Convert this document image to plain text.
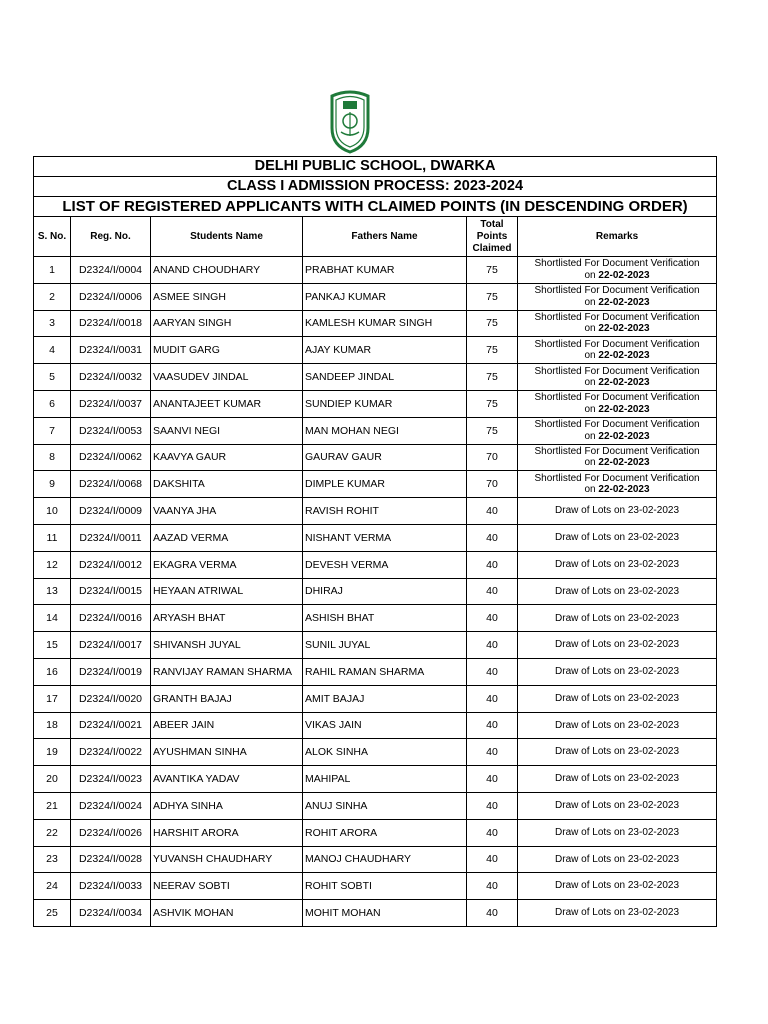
DELHI PUBLIC SCHOOL, DWARKA					
CLASS I ADMISSION PROCESS: 2023-2024					
LIST OF REGISTERED APPLICANTS WITH CLAIMED POINTS (IN DESCENDING ORDER)					
S. No.	Reg. No.	Students Name	Fathers Name	Total
Points
Claimed	Remarks
1	D2324/I/0004	ANAND CHOUDHARY	PRABHAT KUMAR	75	Shortlisted For Document Verification
on 22-02-2023
2	D2324/I/0006	ASMEE SINGH	PANKAJ KUMAR	75	Shortlisted For Document Verification
on 22-02-2023
3	D2324/I/0018	AARYAN SINGH	KAMLESH KUMAR SINGH	75	Shortlisted For Document Verification
on 22-02-2023
4	D2324/I/0031	MUDIT GARG	AJAY KUMAR	75	Shortlisted For Document Verification
on 22-02-2023
5	D2324/I/0032	VAASUDEV JINDAL	SANDEEP JINDAL	75	Shortlisted For Document Verification
on 22-02-2023
6	D2324/I/0037	ANANTAJEET KUMAR	SUNDIEP KUMAR	75	Shortlisted For Document Verification
on 22-02-2023
7	D2324/I/0053	SAANVI NEGI	MAN MOHAN NEGI	75	Shortlisted For Document Verification
on 22-02-2023
8	D2324/I/0062	KAAVYA GAUR	GAURAV GAUR	70	Shortlisted For Document Verification
on 22-02-2023
9	D2324/I/0068	DAKSHITA	DIMPLE KUMAR	70	Shortlisted For Document Verification
on 22-02-2023
10	D2324/I/0009	VAANYA JHA	RAVISH ROHIT	40	Draw of Lots on 23-02-2023
11	D2324/I/0011	AAZAD VERMA	NISHANT VERMA	40	Draw of Lots on 23-02-2023
12	D2324/I/0012	EKAGRA VERMA	DEVESH VERMA	40	Draw of Lots on 23-02-2023
13	D2324/I/0015	HEYAAN ATRIWAL	DHIRAJ	40	Draw of Lots on 23-02-2023
14	D2324/I/0016	ARYASH BHAT	ASHISH BHAT	40	Draw of Lots on 23-02-2023
15	D2324/I/0017	SHIVANSH JUYAL	SUNIL JUYAL	40	Draw of Lots on 23-02-2023
16	D2324/I/0019	RANVIJAY RAMAN SHARMA	RAHIL RAMAN SHARMA	40	Draw of Lots on 23-02-2023
17	D2324/I/0020	GRANTH BAJAJ	AMIT BAJAJ	40	Draw of Lots on 23-02-2023
18	D2324/I/0021	ABEER JAIN	VIKAS JAIN	40	Draw of Lots on 23-02-2023
19	D2324/I/0022	AYUSHMAN SINHA	ALOK SINHA	40	Draw of Lots on 23-02-2023
20	D2324/I/0023	AVANTIKA YADAV	MAHIPAL	40	Draw of Lots on 23-02-2023
21	D2324/I/0024	ADHYA SINHA	ANUJ SINHA	40	Draw of Lots on 23-02-2023
22	D2324/I/0026	HARSHIT ARORA	ROHIT ARORA	40	Draw of Lots on 23-02-2023
23	D2324/I/0028	YUVANSH CHAUDHARY	MANOJ CHAUDHARY	40	Draw of Lots on 23-02-2023
24	D2324/I/0033	NEERAV SOBTI	ROHIT SOBTI	40	Draw of Lots on 23-02-2023
25	D2324/I/0034	ASHVIK MOHAN	MOHIT MOHAN	40	Draw of Lots on 23-02-2023
